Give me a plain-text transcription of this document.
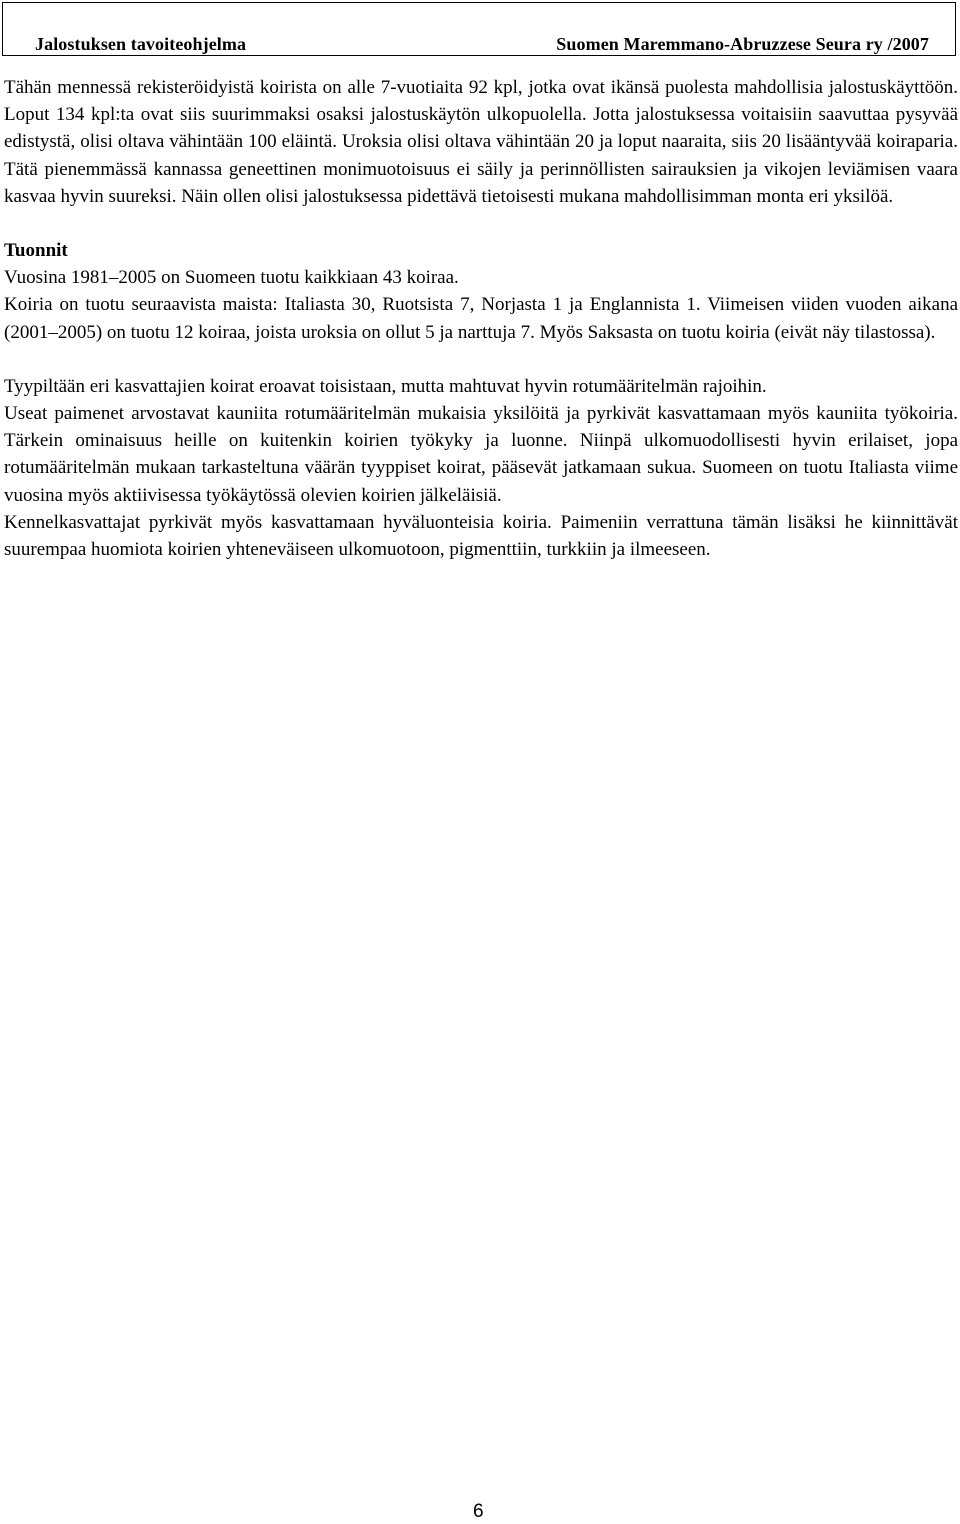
Jalostuksen tavoiteohjelma	Suomen Maremmano-Abruzzese Seura ry /2007

Tähän mennessä rekisteröidyistä koirista on alle 7-vuotiaita 92 kpl, jotka ovat ikänsä puolesta mahdollisia jalostuskäyttöön. Loput 134 kpl:ta ovat siis suurimmaksi osaksi jalostuskäytön ulkopuolella. Jotta jalostuksessa voitaisiin saavuttaa pysyvää edistystä, olisi oltava vähintään 100 eläintä. Uroksia olisi oltava vähintään 20 ja loput naaraita, siis 20 lisääntyvää koiraparia. Tätä pienemmässä kannassa geneettinen monimuotoisuus ei säily ja perinnöllisten sairauksien ja vikojen leviämisen vaara kasvaa hyvin suureksi. Näin ollen olisi jalostuksessa pidettävä tietoisesti mukana mahdollisimman monta eri yksilöä.

Tuonnit

Vuosina 1981–2005 on Suomeen tuotu kaikkiaan 43 koiraa.

Koiria on tuotu seuraavista maista: Italiasta 30, Ruotsista 7, Norjasta 1 ja Englannista 1. Viimeisen viiden vuoden aikana (2001–2005) on tuotu 12 koiraa, joista uroksia on ollut 5 ja narttuja 7. Myös Saksasta on tuotu koiria (eivät näy tilastossa).

Tyypiltään eri kasvattajien koirat eroavat toisistaan, mutta mahtuvat hyvin rotumääritelmän rajoihin.

Useat paimenet arvostavat kauniita rotumääritelmän mukaisia yksilöitä ja pyrkivät kasvattamaan myös kauniita työkoiria. Tärkein ominaisuus heille on kuitenkin koirien työkyky ja luonne. Niinpä ulkomuodollisesti hyvin erilaiset, jopa rotumääritelmän mukaan tarkasteltuna väärän tyyppiset koirat, pääsevät jatkamaan sukua. Suomeen on tuotu Italiasta viime vuosina myös aktiivisessa työkäytössä olevien koirien jälkeläisiä.

Kennelkasvattajat pyrkivät myös kasvattamaan hyväluonteisia koiria. Paimeniin verrattuna tämän lisäksi he kiinnittävät suurempaa huomiota koirien yhteneväiseen ulkomuotoon, pigmenttiin, turkkiin ja ilmeeseen.

6
